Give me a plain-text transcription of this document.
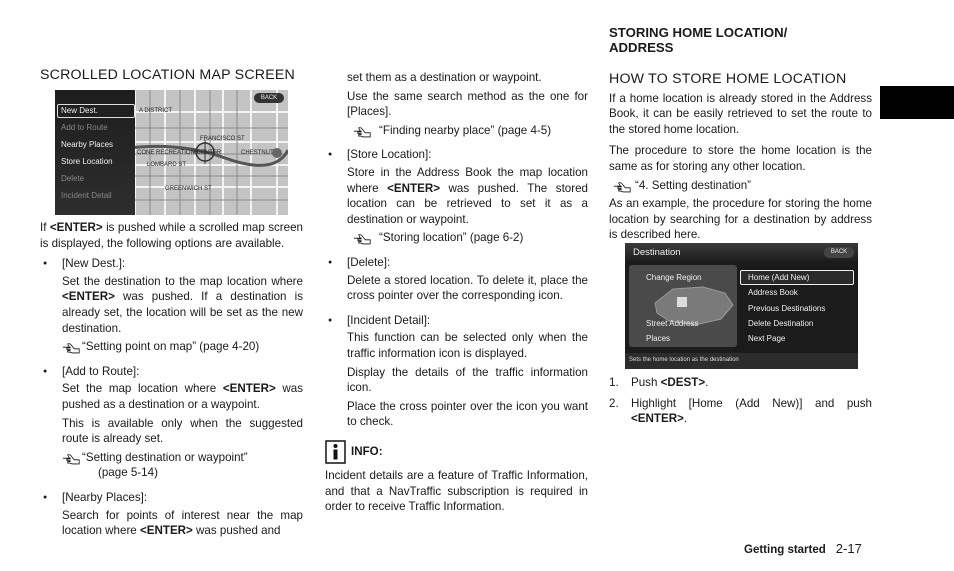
SCROLLED LOCATION MAP SCREEN
New Dest.
Add to Route
Nearby Places
Store Location
Delete
Incident Detail
BACK
A DISTRICT
FRANCISCO ST
CONE RECREATION CENTER	CHESTNUT
LOMBARD ST
GREENWICH ST

If <ENTER> is pushed while a scrolled map screen is displayed, the following options are available.

● [New Dest.]:

Set the destination to the map location where <ENTER> was pushed. If a destination is already set, the location will be set as the new destination.

“Setting point on map” (page 4-20)

● [Add to Route]:

Set the map location where <ENTER> was pushed as a destination or a waypoint.

This is available only when the suggested route is already set.

“Setting destination or waypoint”

(page 5-14)

● [Nearby Places]:

Search for points of interest near the map location where <ENTER> was pushed and

set them as a destination or waypoint.

Use the same search method as the one for [Places].

“Finding nearby place” (page 4-5)

● [Store Location]:

Store in the Address Book the map location where <ENTER> was pushed. The stored location can be retrieved to set it as a destination or waypoint.

“Storing location” (page 6-2)

● [Delete]:

Delete a stored location. To delete it, place the cross pointer over the corresponding icon.

● [Incident Detail]:

This function can be selected only when the traffic information icon is displayed.

Display the details of the traffic information icon.

Place the cross pointer over the icon you want to check.

INFO:

Incident details are a feature of Traffic Information, and that a NavTraffic subscription is required in order to receive Traffic Information.

STORING HOME LOCATION/
ADDRESS
HOW TO STORE HOME LOCATION

If a home location is already stored in the Address Book, it can be easily retrieved to set the route to the stored home location.

The procedure to store the home location is the same as for storing any other location.

“4. Setting destination”

As an example, the procedure for storing the home location by searching for a destination by address is described here.

Destination	BACK
Change Region
Street Address
Places
Home (Add New)
Address Book
Previous Destinations
Delete Destination
Next Page
Sets the home location as the destination

1. Push <DEST>.

2. Highlight [Home (Add New)] and push <ENTER>.

Getting started 2-17
